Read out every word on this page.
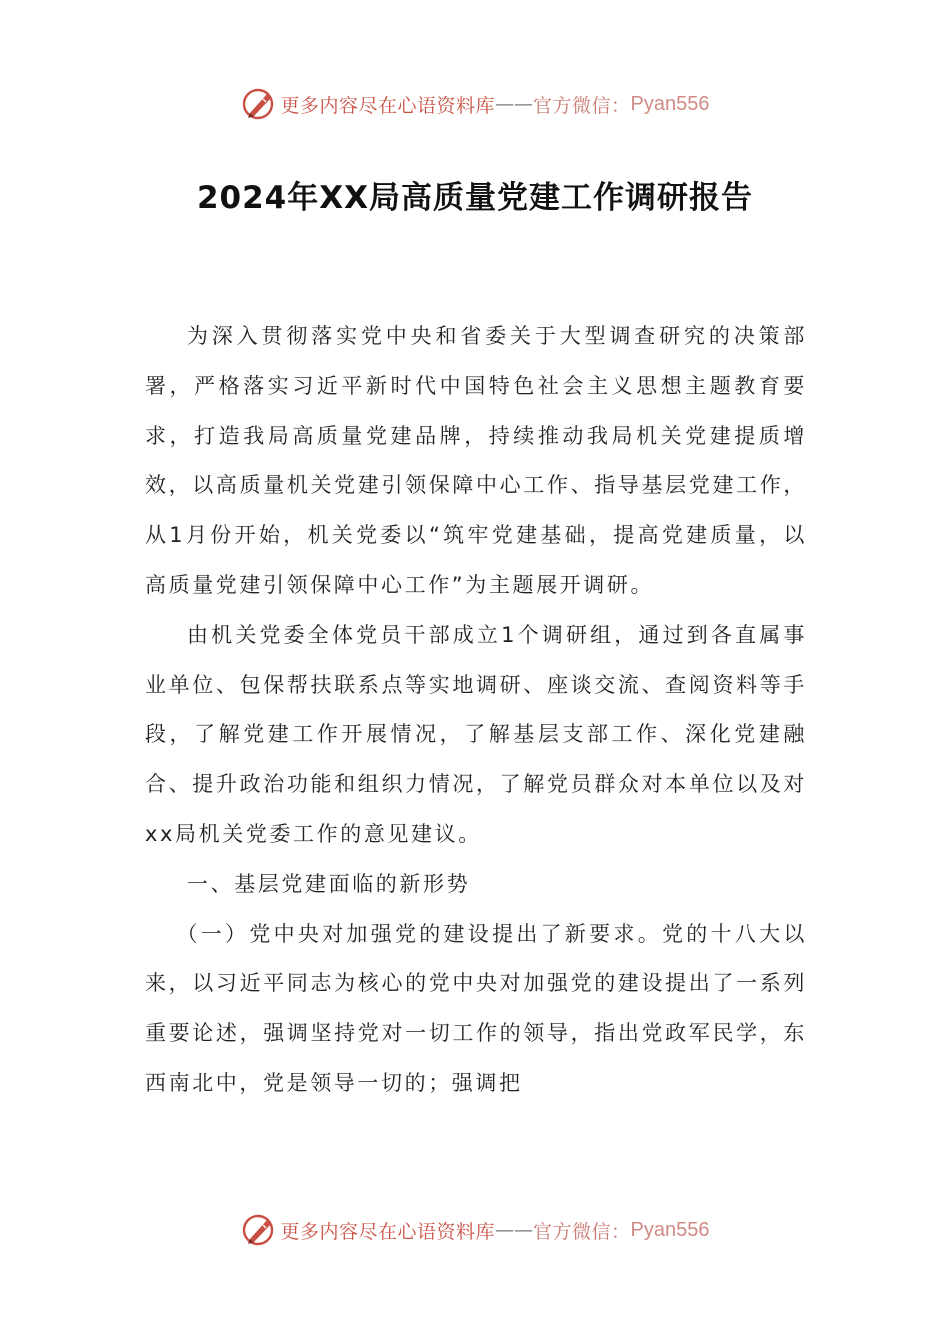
更多内容尽在心语资料库 —— 官方微信： Pyan556
2024年XX局高质量党建工作调研报告

为深入贯彻落实党中央和省委关于大型调查研究的决策部署，严格落实习近平新时代中国特色社会主义思想主题教育要求，打造我局高质量党建品牌，持续推动我局机关党建提质增效，以高质量机关党建引领保障中心工作、指导基层党建工作，从1月份开始，机关党委以“筑牢党建基础，提高党建质量，以高质量党建引领保障中心工作”为主题展开调研。

由机关党委全体党员干部成立1个调研组，通过到各直属事业单位、包保帮扶联系点等实地调研、座谈交流、查阅资料等手段，了解党建工作开展情况，了解基层支部工作、深化党建融合、提升政治功能和组织力情况，了解党员群众对本单位以及对xx局机关党委工作的意见建议。

一、基层党建面临的新形势

（一）党中央对加强党的建设提出了新要求。党的十八大以来，以习近平同志为核心的党中央对加强党的建设提出了一系列重要论述，强调坚持党对一切工作的领导，指出党政军民学，东西南北中，党是领导一切的；强调把

更多内容尽在心语资料库 —— 官方微信： Pyan556
